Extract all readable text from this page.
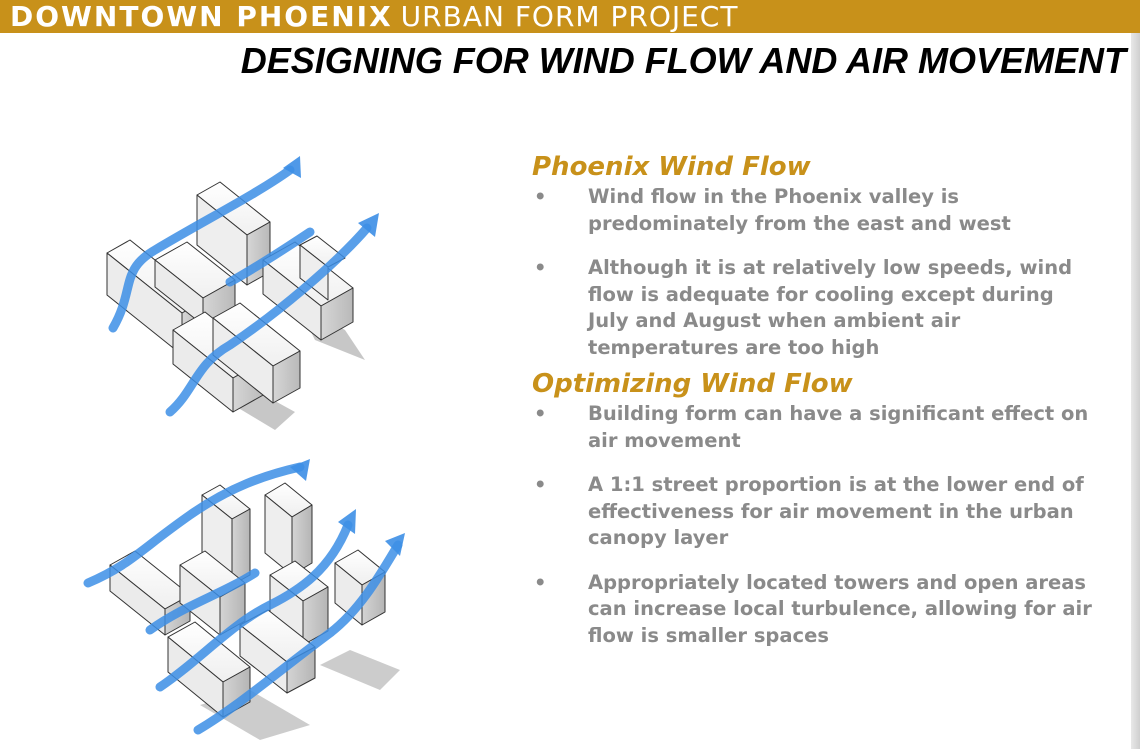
DOWNTOWN PHOENIX URBAN FORM PROJECT
DESIGNING FOR WIND FLOW AND AIR MOVEMENT
Phoenix Wind Flow
• Wind flow in the Phoenix valley is predominately from the east and west
• Although it is at relatively low speeds, wind flow is adequate for cooling except during July and August when ambient air temperatures are too high
Optimizing Wind Flow
• Building form can have a significant effect on air movement
• A 1:1 street proportion is at the lower end of effectiveness for air movement in the urban canopy layer
• Appropriately located towers and open areas can increase local turbulence, allowing for air flow is smaller spaces
